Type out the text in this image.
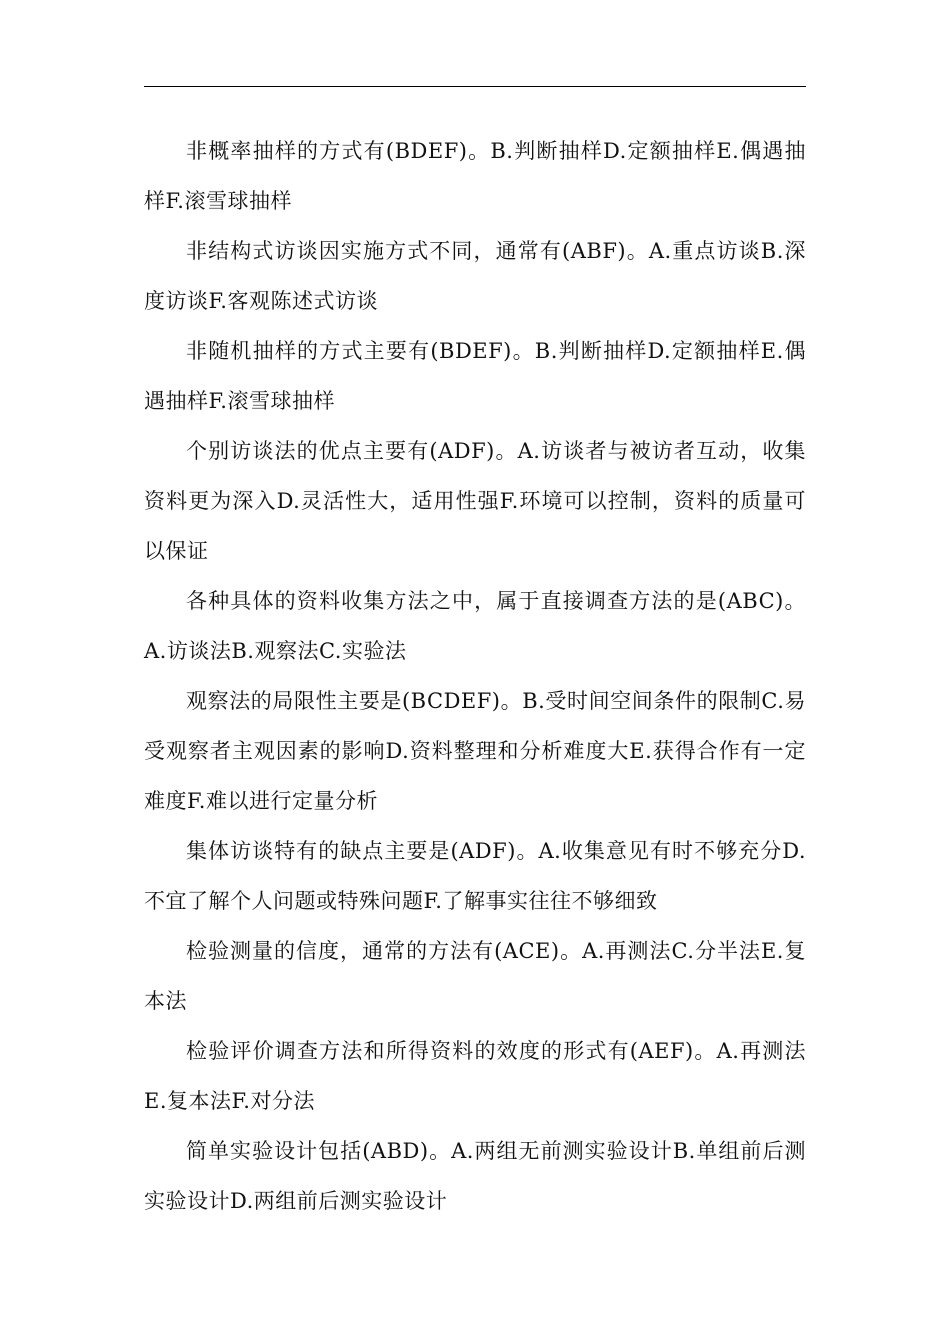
非概率抽样的方式有(BDEF)。B.判断抽样D.定额抽样E.偶遇抽样F.滚雪球抽样

非结构式访谈因实施方式不同，通常有(ABF)。A.重点访谈B.深度访谈F.客观陈述式访谈

非随机抽样的方式主要有(BDEF)。B.判断抽样D.定额抽样E.偶遇抽样F.滚雪球抽样

个别访谈法的优点主要有(ADF)。A.访谈者与被访者互动，收集资料更为深入D.灵活性大，适用性强F.环境可以控制，资料的质量可以保证

各种具体的资料收集方法之中，属于直接调查方法的是(ABC)。A.访谈法B.观察法C.实验法

观察法的局限性主要是(BCDEF)。B.受时间空间条件的限制C.易受观察者主观因素的影响D.资料整理和分析难度大E.获得合作有一定难度F.难以进行定量分析

集体访谈特有的缺点主要是(ADF)。A.收集意见有时不够充分D.不宜了解个人问题或特殊问题F.了解事实往往不够细致

检验测量的信度，通常的方法有(ACE)。A.再测法C.分半法E.复本法

检验评价调查方法和所得资料的效度的形式有(AEF)。A.再测法E.复本法F.对分法

简单实验设计包括(ABD)。A.两组无前测实验设计B.单组前后测实验设计D.两组前后测实验设计
